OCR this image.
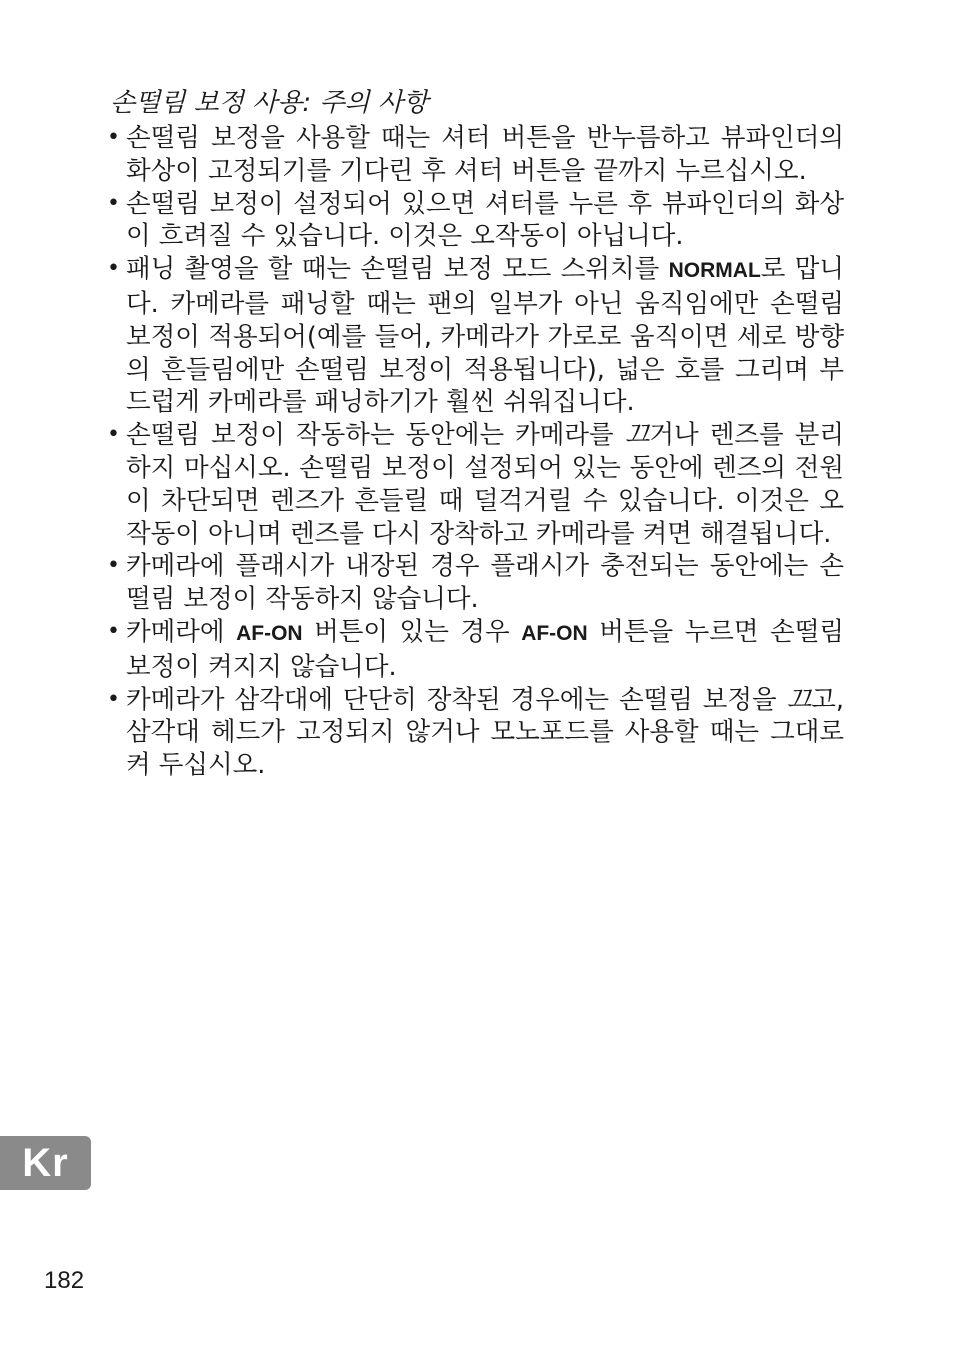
손떨림 보정 사용: 주의 사항
• 손떨림 보정을 사용할 때는 셔터 버튼을 반누름하고 뷰파인더의 화상이 고정되기를 기다린 후 셔터 버튼을 끝까지 누르십시오.
• 손떨림 보정이 설정되어 있으면 셔터를 누른 후 뷰파인더의 화상이 흐려질 수 있습니다. 이것은 오작동이 아닙니다.
• 패닝 촬영을 할 때는 손떨림 보정 모드 스위치를 NORMAL로 맙니다. 카메라를 패닝할 때는 팬의 일부가 아닌 움직임에만 손떨림 보정이 적용되어(예를 들어, 카메라가 가로로 움직이면 세로 방향의 흔들림에만 손떨림 보정이 적용됩니다), 넓은 호를 그리며 부드럽게 카메라를 패닝하기가 훨씬 쉬워집니다.
• 손떨림 보정이 작동하는 동안에는 카메라를 끄거나 렌즈를 분리하지 마십시오. 손떨림 보정이 설정되어 있는 동안에 렌즈의 전원이 차단되면 렌즈가 흔들릴 때 덜걱거릴 수 있습니다. 이것은 오작동이 아니며 렌즈를 다시 장착하고 카메라를 켜면 해결됩니다.
• 카메라에 플래시가 내장된 경우 플래시가 충전되는 동안에는 손떨림 보정이 작동하지 않습니다.
• 카메라에 AF-ON 버튼이 있는 경우 AF-ON 버튼을 누르면 손떨림 보정이 켜지지 않습니다.
• 카메라가 삼각대에 단단히 장착된 경우에는 손떨림 보정을 끄고, 삼각대 헤드가 고정되지 않거나 모노포드를 사용할 때는 그대로 켜 두십시오.
Kr
182
